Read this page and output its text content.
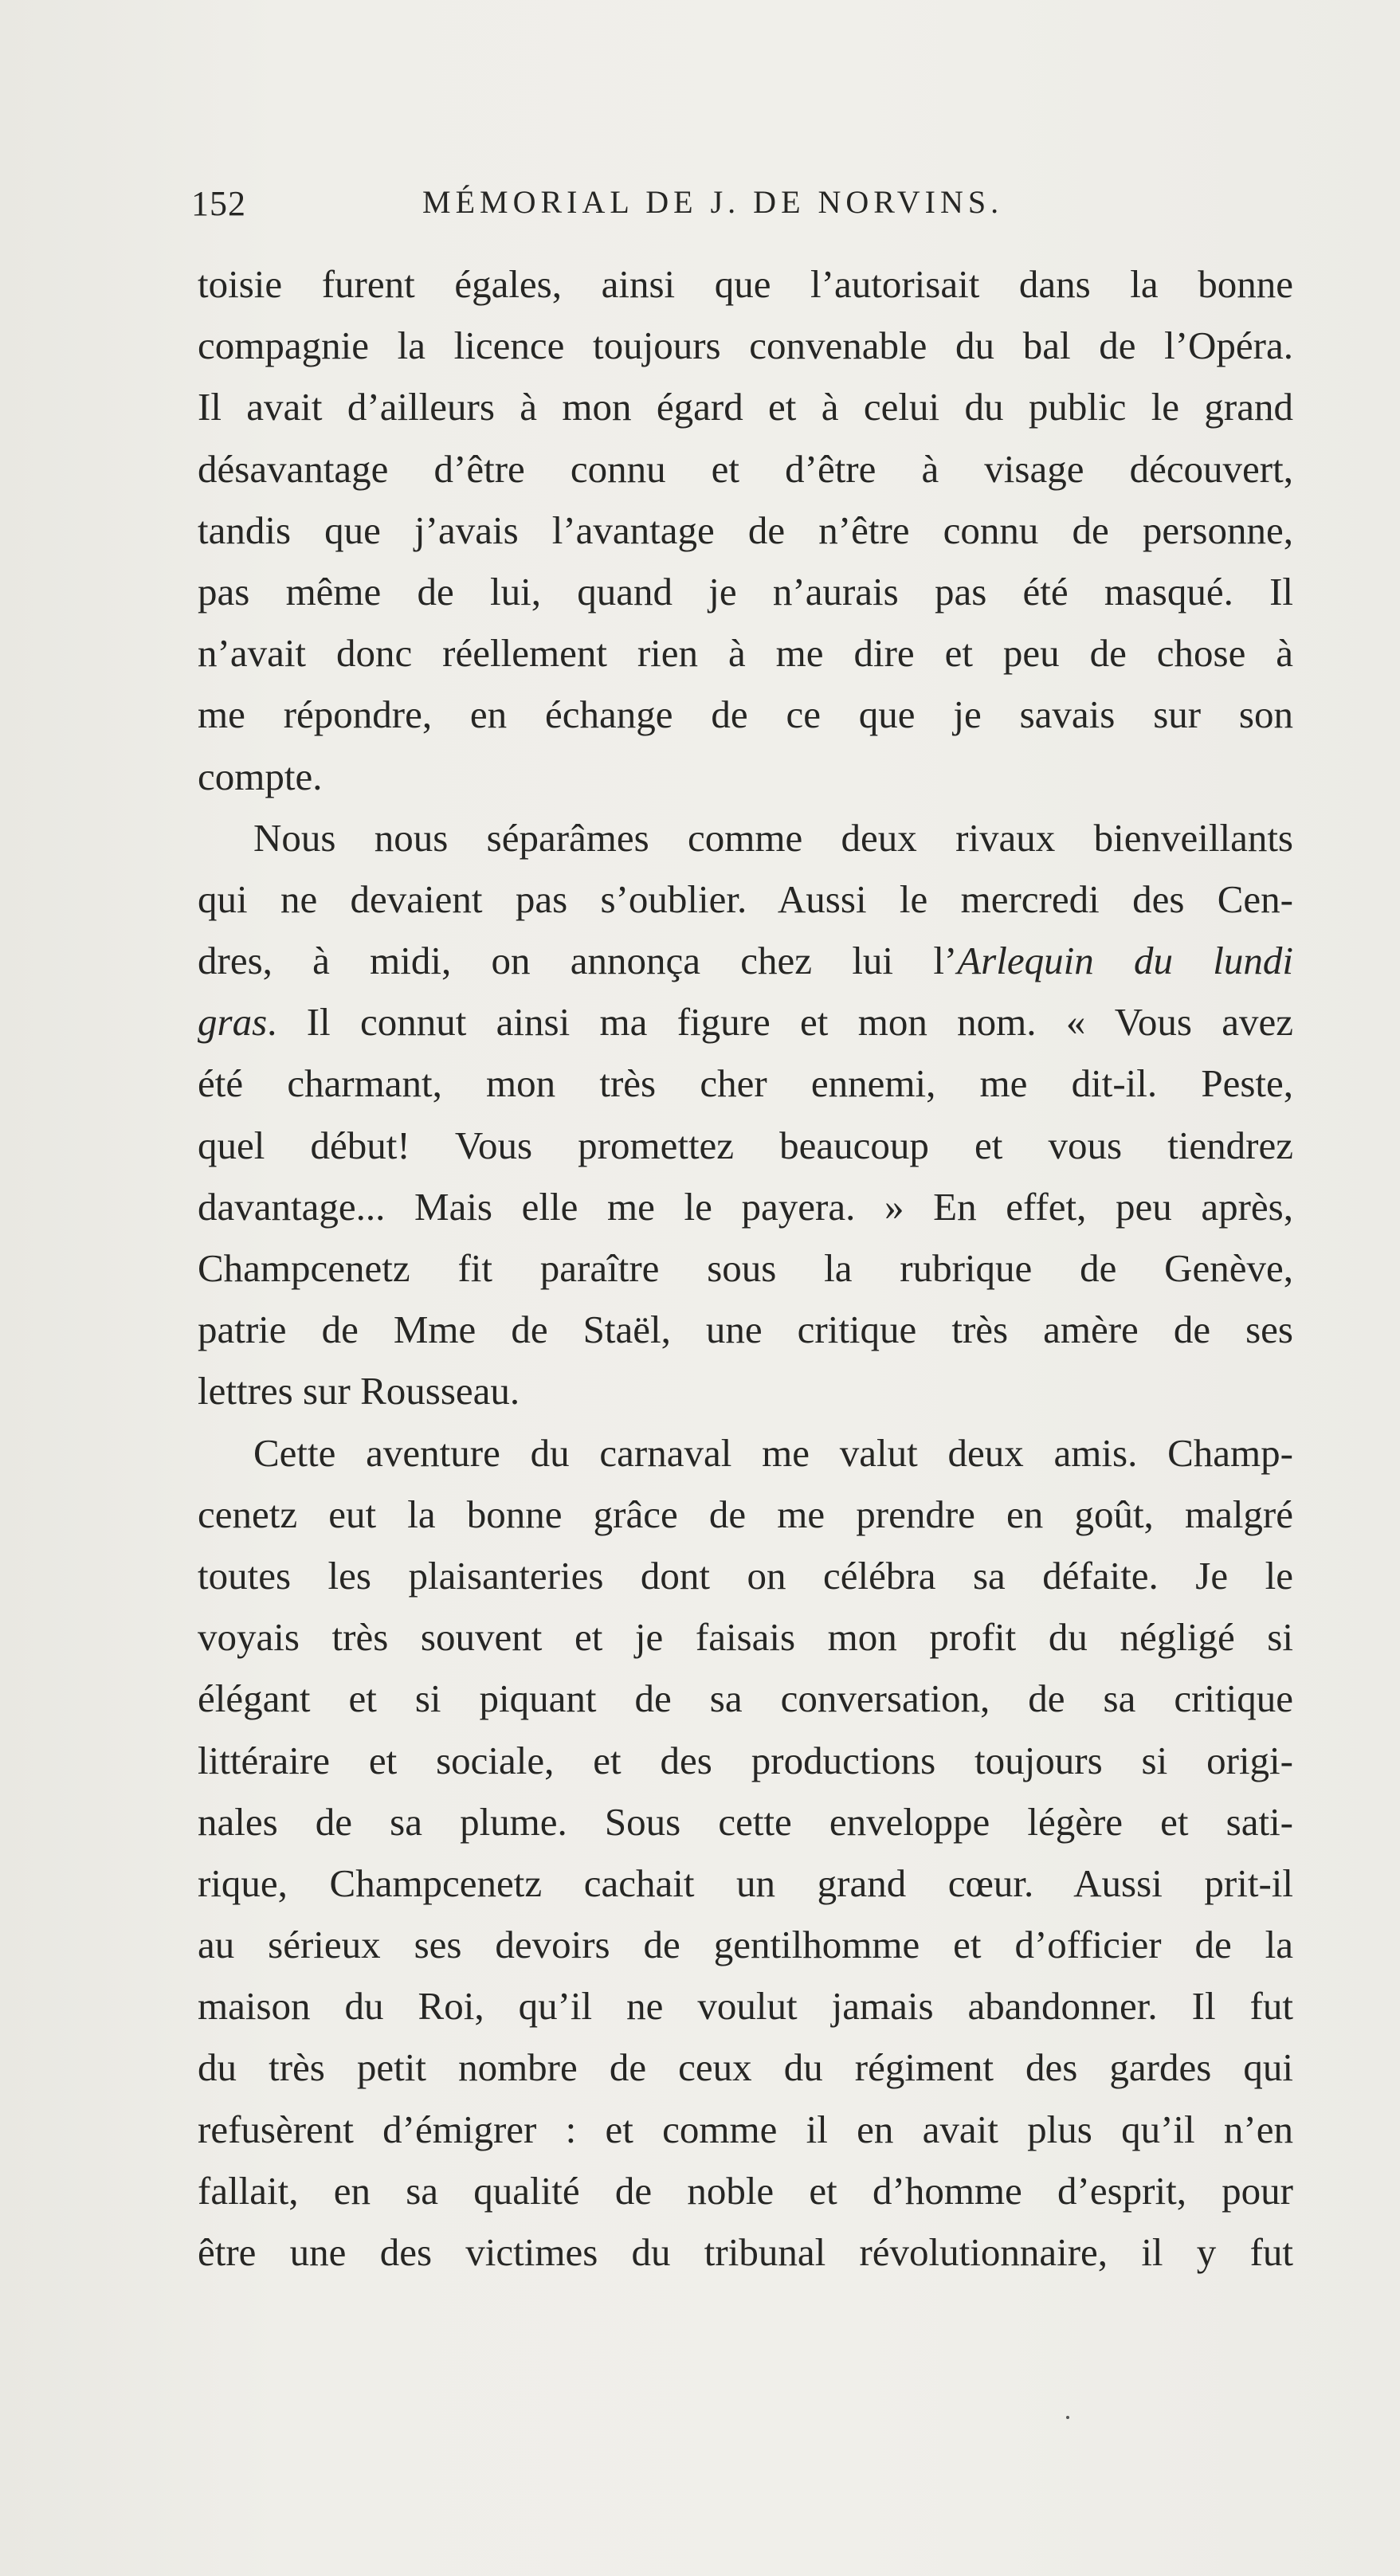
152	MÉMORIAL DE J. DE NORVINS.
toisie furent égales, ainsi que l’autorisait dans la bonne
compagnie la licence toujours convenable du bal de l’Opéra.
Il avait d’ailleurs à mon égard et à celui du public le grand
désavantage d’être connu et d’être à visage découvert,
tandis que j’avais l’avantage de n’être connu de personne,
pas même de lui, quand je n’aurais pas été masqué. Il
n’avait donc réellement rien à me dire et peu de chose à
me répondre, en échange de ce que je savais sur son
compte.
Nous nous séparâmes comme deux rivaux bienveillants
qui ne devaient pas s’oublier. Aussi le mercredi des Cen-
dres, à midi, on annonça chez lui l’Arlequin du lundi
gras. Il connut ainsi ma figure et mon nom. « Vous avez
été charmant, mon très cher ennemi, me dit-il. Peste,
quel début! Vous promettez beaucoup et vous tiendrez
davantage... Mais elle me le payera. » En effet, peu après,
Champcenetz fit paraître sous la rubrique de Genève,
patrie de Mme de Staël, une critique très amère de ses
lettres sur Rousseau.
Cette aventure du carnaval me valut deux amis. Champ-
cenetz eut la bonne grâce de me prendre en goût, malgré
toutes les plaisanteries dont on célébra sa défaite. Je le
voyais très souvent et je faisais mon profit du négligé si
élégant et si piquant de sa conversation, de sa critique
littéraire et sociale, et des productions toujours si origi-
nales de sa plume. Sous cette enveloppe légère et sati-
rique, Champcenetz cachait un grand cœur. Aussi prit-il
au sérieux ses devoirs de gentilhomme et d’officier de la
maison du Roi, qu’il ne voulut jamais abandonner. Il fut
du très petit nombre de ceux du régiment des gardes qui
refusèrent d’émigrer : et comme il en avait plus qu’il n’en
fallait, en sa qualité de noble et d’homme d’esprit, pour
être une des victimes du tribunal révolutionnaire, il y fut
